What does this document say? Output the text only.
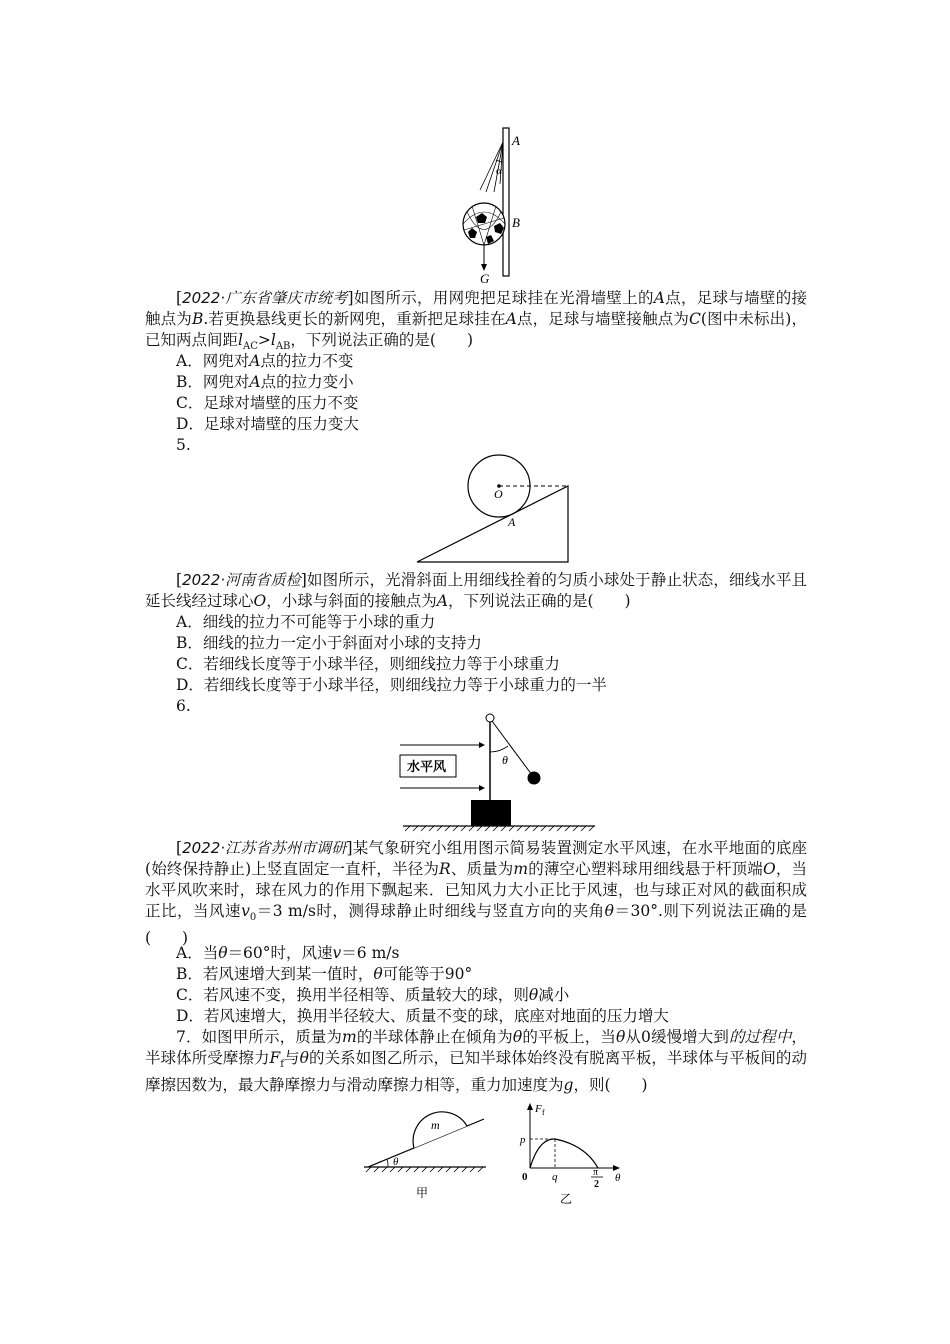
A
B
α
G
[2022·广东省肇庆市统考]如图所示，用网兜把足球挂在光滑墙壁上的A点，足球与墙壁的接触点为B.若更换悬线更长的新网兜，重新把足球挂在A点，足球与墙壁接触点为C(图中未标出)，已知两点间距$l_{AC}>l_{AB}$，下列说法正确的是(　　)
A．网兜对A点的拉力不变
B．网兜对A点的拉力变小
C．足球对墙壁的压力不变
D．足球对墙壁的压力变大
5.
O
A
[2022·河南省质检]如图所示，光滑斜面上用细线拴着的匀质小球处于静止状态，细线水平且延长线经过球心O，小球与斜面的接触点为A，下列说法正确的是(　　)
A．细线的拉力不可能等于小球的重力
B．细线的拉力一定小于斜面对小球的支持力
C．若细线长度等于小球半径，则细线拉力等于小球重力
D．若细线长度等于小球半径，则细线拉力等于小球重力的一半
6.
θ
水平风
[2022·江苏省苏州市调研]某气象研究小组用图示简易装置测定水平风速，在水平地面的底座(始终保持静止)上竖直固定一直杆，半径为R、质量为m的薄空心塑料球用细线悬于杆顶端O，当水平风吹来时，球在风力的作用下飘起来．已知风力大小正比于风速，也与球正对风的截面积成正比，当风速$v_0=3$ m/s时，测得球静止时细线与竖直方向的夹角θ＝30°.则下列说法正确的是(　　)
A．当θ＝60°时，风速v＝6 m/s
B．若风速增大到某一值时，θ可能等于90°
C．若风速不变，换用半径相等、质量较大的球，则θ减小
D．若风速增大，换用半径较大、质量不变的球，底座对地面的压力增大
7．如图甲所示，质量为m的半球体静止在倾角为θ的平板上，当θ从0缓慢增大到的过程中，半球体所受摩擦力$F_f$与θ的关系如图乙所示，已知半球体始终没有脱离平板，半球体与平板间的动摩擦因数为，最大静摩擦力与滑动摩擦力相等，重力加速度为g，则(　　)
m
θ
甲
F f
p
0 q	π
2
θ
乙
